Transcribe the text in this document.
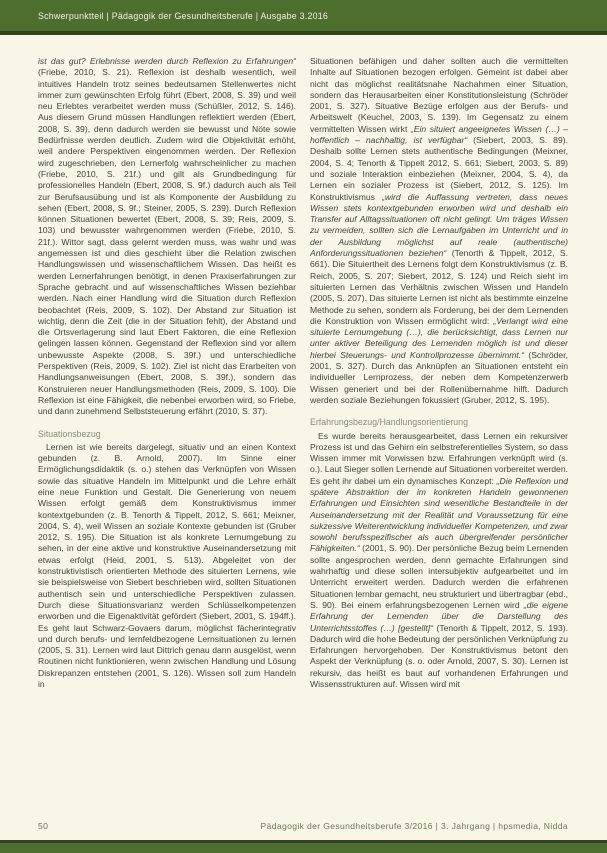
Schwerpunktteil | Pädagogik der Gesundheitsberufe | Ausgabe 3.2016

ist das gut? Erlebnisse werden durch Reflexion zu Erfahrungen“ (Friebe, 2010, S. 21). Reflexion ist deshalb wesentlich, weil intuitives Handeln trotz seines bedeutsamen Stellenwertes nicht immer zum gewünschten Erfolg führt (Ebert, 2008, S. 39) und weil neu Erlebtes verarbeitet werden muss (Schüßler, 2012, S. 146). Aus diesem Grund müssen Handlungen reflektiert werden (Ebert, 2008, S. 39), denn dadurch werden sie bewusst und Nöte sowie Bedürfnisse werden deutlich. Zudem wird die Objektivität erhöht, weil andere Perspektiven eingenommen werden. Der Reflexion wird zugeschrieben, den Lernerfolg wahrscheinlicher zu machen (Friebe, 2010, S. 21f.) und gilt als Grundbedingung für professionelles Handeln (Ebert, 2008, S. 9f.) dadurch auch als Teil zur Berufsausübung und ist als Komponente der Ausbildung zu sehen (Ebert, 2008, S. 9f.; Steiner, 2005, S. 239). Durch Reflexion können Situationen bewertet (Ebert, 2008, S. 39; Reis, 2009, S. 103) und bewusster wahrgenommen werden (Friebe, 2010, S. 21f.). Wittor sagt, dass gelernt werden muss, was wahr und was angemessen ist und dies geschieht über die Relation zwischen Handlungswissen und wissenschaftlichem Wissen. Das heißt es werden Lernerfahrungen benötigt, in denen Praxiserfahrungen zur Sprache gebracht und auf wissenschaftliches Wissen beziehbar werden. Nach einer Handlung wird die Situation durch Reflexion beobachtet (Reis, 2009, S. 102). Der Abstand zur Situation ist wichtig, denn die Zeit (die in der Situation fehlt), der Abstand und die Ortsverlagerung sind laut Ebert Faktoren, die eine Reflexion gelingen lassen können. Gegenstand der Reflexion sind vor allem unbewusste Aspekte (2008, S. 39f.) und unterschiedliche Perspektiven (Reis, 2009, S. 102). Ziel ist nicht das Erarbeiten von Handlungsanweisungen (Ebert, 2008, S. 39f.), sondern das Konstruieren neuer Handlungsmethoden (Reis, 2009, S. 100). Die Reflexion ist eine Fähigkeit, die nebenbei erworben wird, so Friebe, und dann zunehmend Selbststeuerung erfährt (2010, S. 37).

Situationsbezug

Lernen ist wie bereits dargelegt, situativ und an einen Kontext gebunden (z. B. Arnold, 2007). Im Sinne einer Ermöglichungsdidaktik (s. o.) stehen das Verknüpfen von Wissen sowie das situative Handeln im Mittelpunkt und die Lehre erhält eine neue Funktion und Gestalt. Die Generierung von neuem Wissen erfolgt gemäß dem Konstruktivismus immer kontextgebunden (z. B. Tenorth & Tippelt, 2012, S. 661; Meixner, 2004, S. 4), weil Wissen an soziale Kontexte gebunden ist (Gruber 2012, S. 195). Die Situation ist als konkrete Lernumgebung zu sehen, in der eine aktive und konstruktive Auseinandersetzung mit etwas erfolgt (Heid, 2001, S. 513). Abgeleitet von der konstruktivistisch orientierten Methode des situierten Lernens, wie sie beispielsweise von Siebert beschrieben wird, sollten Situationen authentisch sein und unterschiedliche Perspektiven zulassen. Durch diese Situationsvarianz werden Schlüsselkompetenzen erworben und die Eigenaktivität gefördert (Siebert, 2001, S. 194ff.). Es geht laut Schwarz-Govaers darum, möglichst fächerintegrativ und durch berufs- und lernfeldbezogene Lernsituationen zu lernen (2005, S. 31). Lernen wird laut Dittrich genau dann ausgelöst, wenn Routinen nicht funktionieren, wenn zwischen Handlung und Lösung Diskrepanzen entstehen (2001, S. 126). Wissen soll zum Handeln in

Situationen befähigen und daher sollten auch die vermittelten Inhalte auf Situationen bezogen erfolgen. Gemeint ist dabei aber nicht das möglichst realitätsnahe Nachahmen einer Situation, sondern das Herausarbeiten einer Konstitutionsleistung (Schröder 2001, S. 327). Situative Bezüge erfolgen aus der Berufs- und Arbeitswelt (Keuchel, 2003, S. 139). Im Gegensatz zu einem vermittelten Wissen wirkt „Ein situiert angeeignetes Wissen (…) – hoffentlich – nachhaltig, ist verfügbar“ (Siebert, 2003, S. 89). Deshalb sollte Lernen stets authentische Bedingungen (Meixner, 2004, S. 4; Tenorth & Tippelt 2012, S. 661; Siebert, 2003, S. 89) und soziale Interaktion einbeziehen (Meixner, 2004, S. 4), da Lernen ein sozialer Prozess ist (Siebert, 2012, S. 125). Im Konstruktivismus „wird die Auffassung vertreten, dass neues Wissen stets kontextgebunden erworben wird und deshalb ein Transfer auf Alltagssituationen oft nicht gelingt. Um träges Wissen zu vermeiden, sollten sich die Lernaufgaben im Unterricht und in der Ausbildung möglichst auf reale (authentische) Anforderungssituationen beziehen“ (Tenorth & Tippelt, 2012, S. 661). Die Situiertheit des Lernens folgt dem Konstruktivismus (z. B. Reich, 2005, S. 207; Siebert, 2012, S. 124) und Reich sieht im situierten Lernen das Verhältnis zwischen Wissen und Handeln (2005, S. 207). Das situierte Lernen ist nicht als bestimmte einzelne Methode zu sehen, sondern als Forderung, bei der dem Lernenden die Konstruktion von Wissen ermöglicht wird: „Verlangt wird eine situierte Lernumgebung (…), die berücksichtigt, dass Lernen nur unter aktiver Beteiligung des Lernenden möglich ist und dieser hierbei Steuerungs- und Kontrollprozesse übernimmt.“ (Schröder, 2001, S. 327). Durch das Anknüpfen an Situationen entsteht ein individueller Lernprozess, der neben dem Kompetenzerwerb Wissen generiert und bei der Rollenübernahme hilft. Dadurch werden soziale Beziehungen fokussiert (Gruber, 2012, S. 195).

Erfahrungsbezug/Handlungsorientierung

Es wurde bereits herausgearbeitet, dass Lernen ein rekursiver Prozess ist und das Gehirn ein selbstreferentielles System, so dass Wissen immer mit Vorwissen bzw. Erfahrungen verknüpft wird (s. o.). Laut Sieger sollen Lernende auf Situationen vorbereitet werden. Es geht ihr dabei um ein dynamisches Konzept: „Die Reflexion und spätere Abstraktion der im konkreten Handeln gewonnenen Erfahrungen und Einsichten sind wesentliche Bestandteile in der Auseinandersetzung mit der Realität und Voraussetzung für eine sukzessive Weiterentwicklung individueller Kompetenzen, und zwar sowohl berufsspezifischer als auch übergreifender persönlicher Fähigkeiten.“ (2001, S. 90). Der persönliche Bezug beim Lernenden sollte angesprochen werden, denn gemachte Erfahrungen sind wahrhaftig und diese sollen intersubjektiv aufgearbeitet und im Unterricht erweitert werden. Dadurch werden die erfahrenen Situationen lernbar gemacht, neu strukturiert und übertragbar (ebd., S. 90). Bei einem erfahrungsbezogenen Lernen wird „die eigene Erfahrung der Lernenden über die Darstellung des Unterrichtsstoffes (…) [gestellt]“ (Tenorth & Tippelt, 2012, S. 193). Dadurch wird die hohe Bedeutung der persönlichen Verknüpfung zu Erfahrungen hervorgehoben. Der Konstruktivismus betont den Aspekt der Verknüpfung (s. o. oder Arnold, 2007, S. 30). Lernen ist rekursiv, das heißt es baut auf vorhandenen Erfahrungen und Wissensstrukturen auf. Wissen wird mit

50	Pädagogik der Gesundheitsberufe 3/2016 | 3. Jahrgang | hpsmedia, Nidda
